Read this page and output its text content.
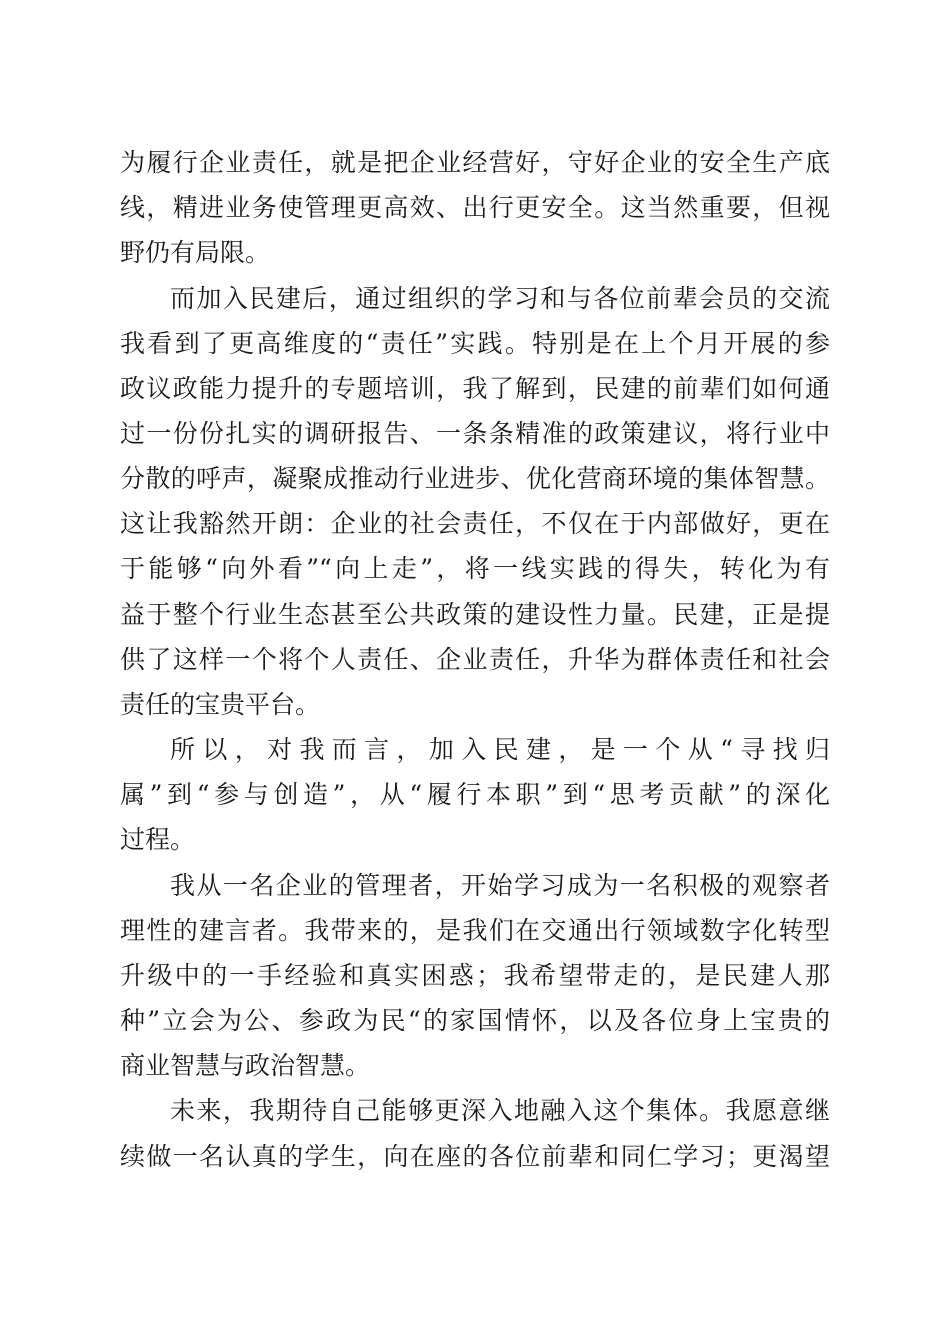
为履行企业责任，就是把企业经营好，守好企业的安全生产底
线，精进业务使管理更高效、出行更安全。这当然重要，但视
野仍有局限。
而加入民建后，通过组织的学习和与各位前辈会员的交流
我看到了更高维度的“责任”实践。特别是在上个月开展的参
政议政能力提升的专题培训，我了解到，民建的前辈们如何通
过一份份扎实的调研报告、一条条精准的政策建议，将行业中
分散的呼声，凝聚成推动行业进步、优化营商环境的集体智慧。
这让我豁然开朗：企业的社会责任，不仅在于内部做好，更在
于能够“向外看”“向上走”，将一线实践的得失，转化为有
益于整个行业生态甚至公共政策的建设性力量。民建，正是提
供了这样一个将个人责任、企业责任，升华为群体责任和社会
责任的宝贵平台。
所以，对我而言，加入民建，是一个从“寻找归
属”到“参与创造”，从“履行本职”到“思考贡献”的深化
过程。
我从一名企业的管理者，开始学习成为一名积极的观察者
理性的建言者。我带来的，是我们在交通出行领域数字化转型
升级中的一手经验和真实困惑；我希望带走的，是民建人那
种”立会为公、参政为民“的家国情怀，以及各位身上宝贵的
商业智慧与政治智慧。
未来，我期待自己能够更深入地融入这个集体。我愿意继
续做一名认真的学生，向在座的各位前辈和同仁学习；更渴望
